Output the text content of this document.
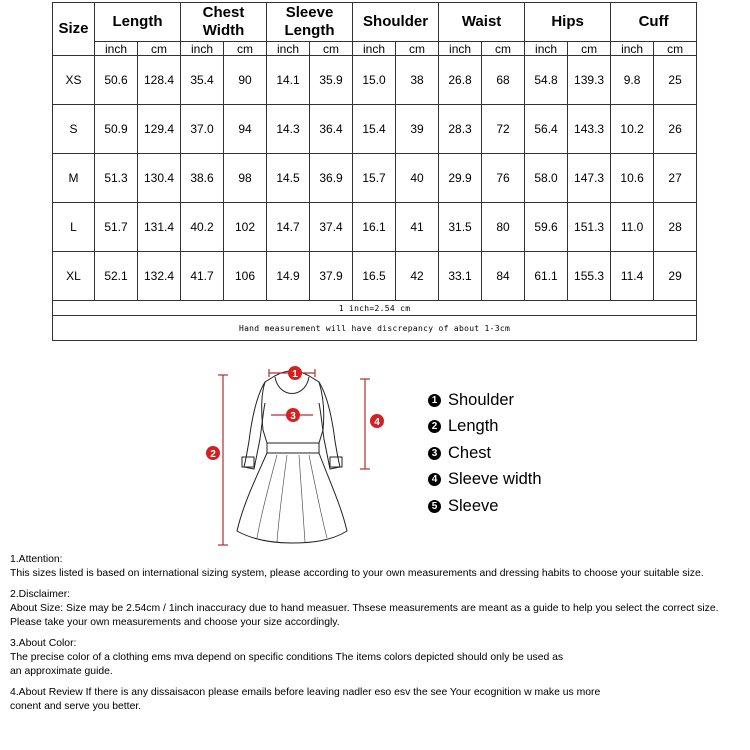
Size	Length		Chest Width		Sleeve Length		Shoulder		Waist		Hips		Cuff	
	inch	cm	inch	cm	inch	cm	inch	cm	inch	cm	inch	cm	inch	cm
XS	50.6	128.4	35.4	90	14.1	35.9	15.0	38	26.8	68	54.8	139.3	9.8	25
S	50.9	129.4	37.0	94	14.3	36.4	15.4	39	28.3	72	56.4	143.3	10.2	26
M	51.3	130.4	38.6	98	14.5	36.9	15.7	40	29.9	76	58.0	147.3	10.6	27
L	51.7	131.4	40.2	102	14.7	37.4	16.1	41	31.5	80	59.6	151.3	11.0	28
XL	52.1	132.4	41.7	106	14.9	37.9	16.5	42	33.1	84	61.1	155.3	11.4	29
1 inch=2.54 cm														
Hand measurement will have discrepancy of about 1-3cm														
1
2
3
4
1 Shoulder
2 Length
3 Chest
4 Sleeve width
5 Sleeve

1.Attention:

This sizes listed is based on international sizing system, please according to your own measurements and dressing habits to choose your suitable size.

2.Disclaimer:

About Size: Size may be 2.54cm / 1inch inaccuracy due to hand measuer. Thsese measurements are meant as a guide to help you select the correct size.

Please take your own measurements and choose your size accordingly.

3.About Color:

The precise color of a clothing ems mva depend on specific conditions The items colors depicted should only be used as

an approximate guide.

4.About Review If there is any dissaisacon please emails before leaving nadler eso esv the see Your ecognition w make us more

conent and serve you better.
